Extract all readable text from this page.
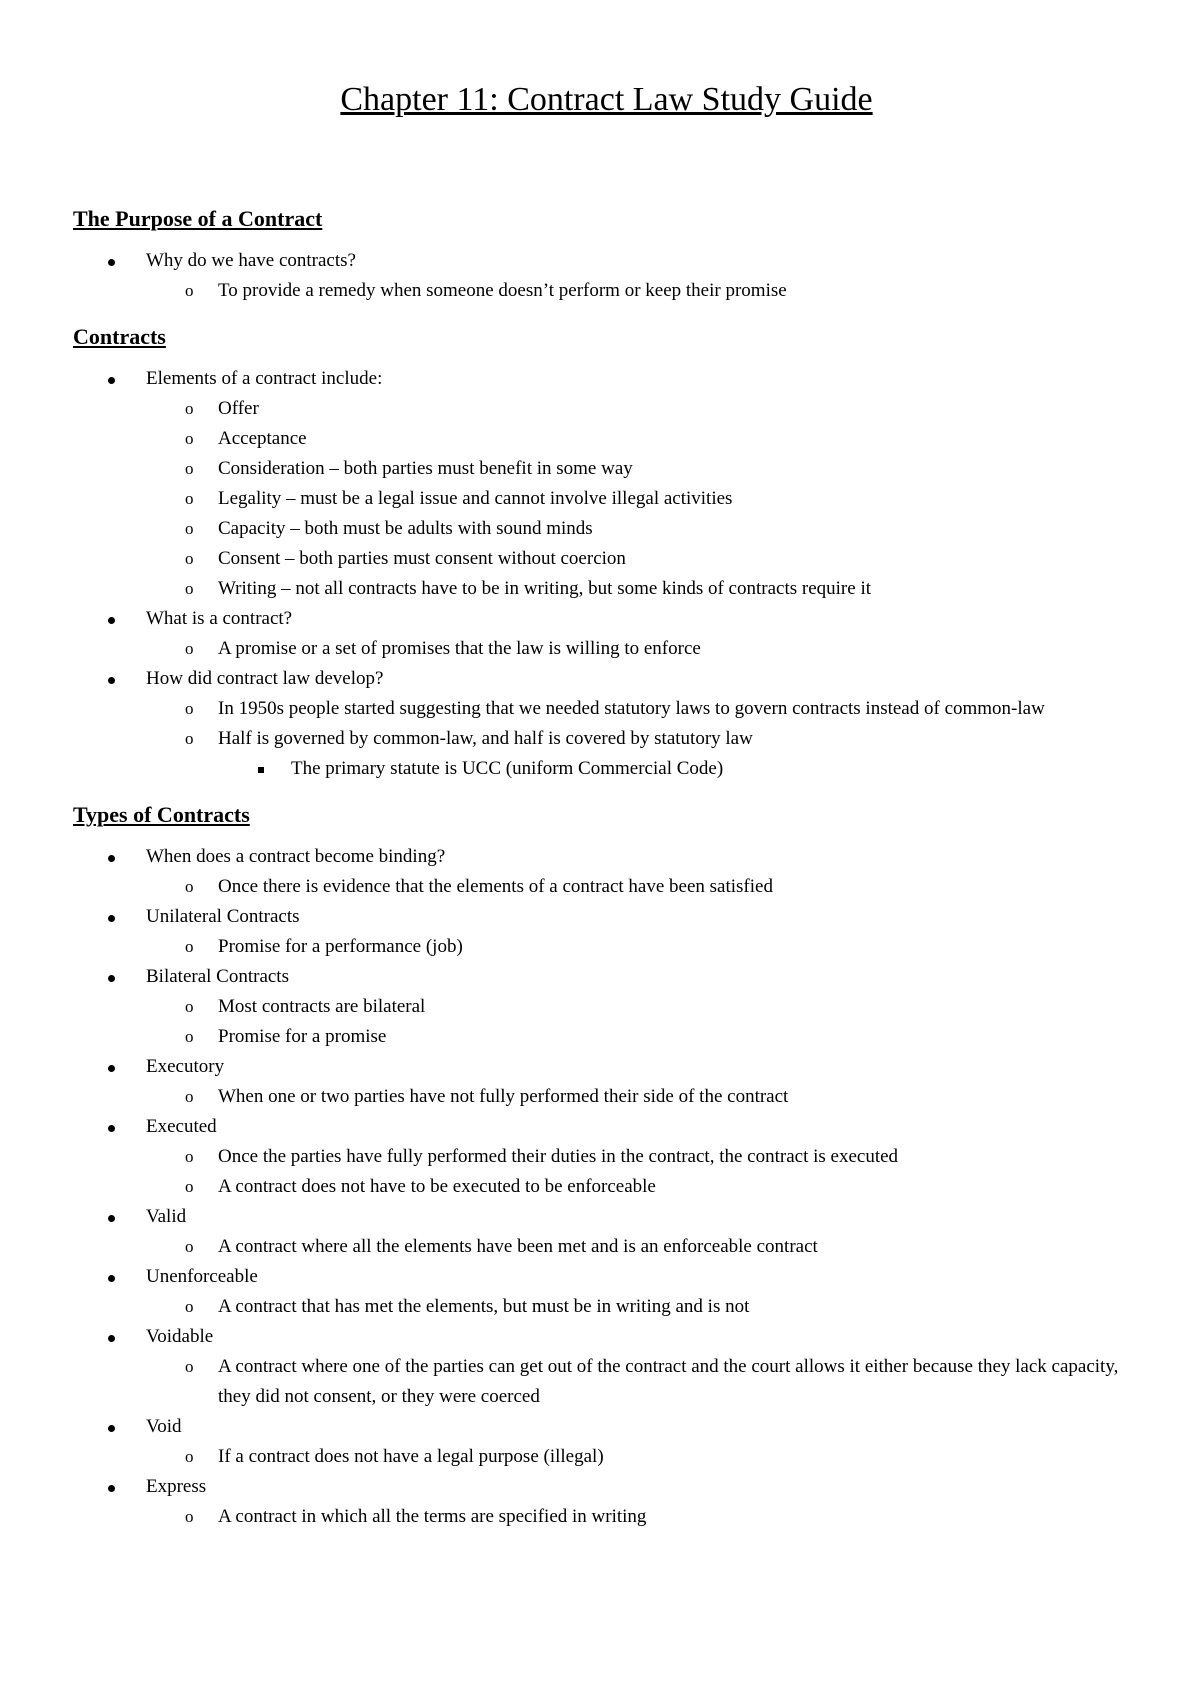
Chapter 11: Contract Law Study Guide
The Purpose of a Contract
Why do we have contracts?
o To provide a remedy when someone doesn’t perform or keep their promise
Contracts
Elements of a contract include:
o Offer
o Acceptance
o Consideration – both parties must benefit in some way
o Legality – must be a legal issue and cannot involve illegal activities
o Capacity – both must be adults with sound minds
o Consent – both parties must consent without coercion
o Writing – not all contracts have to be in writing, but some kinds of contracts require it
What is a contract?
o A promise or a set of promises that the law is willing to enforce
How did contract law develop?
o In 1950s people started suggesting that we needed statutory laws to govern contracts instead of common-law
o Half is governed by common-law, and half is covered by statutory law
The primary statute is UCC (uniform Commercial Code)
Types of Contracts
When does a contract become binding?
o Once there is evidence that the elements of a contract have been satisfied
Unilateral Contracts
o Promise for a performance (job)
Bilateral Contracts
o Most contracts are bilateral
o Promise for a promise
Executory
o When one or two parties have not fully performed their side of the contract
Executed
o Once the parties have fully performed their duties in the contract, the contract is executed
o A contract does not have to be executed to be enforceable
Valid
o A contract where all the elements have been met and is an enforceable contract
Unenforceable
o A contract that has met the elements, but must be in writing and is not
Voidable
o A contract where one of the parties can get out of the contract and the court allows it either because they lack capacity, they did not consent, or they were coerced
Void
o If a contract does not have a legal purpose (illegal)
Express
o A contract in which all the terms are specified in writing
